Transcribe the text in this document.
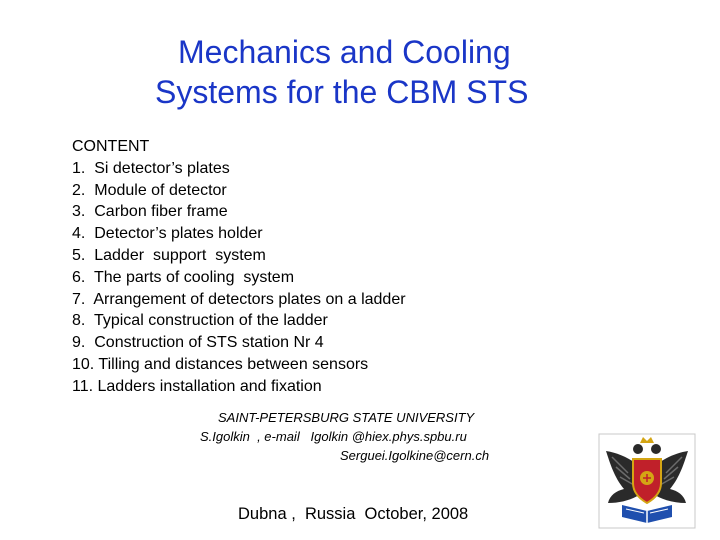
Mechanics and Cooling
Systems for the CBM STS
CONTENT
1.  Si detector’s plates
2.  Module of detector
3.  Carbon fiber frame
4.  Detector’s plates holder
5.  Ladder  support  system
6.  The parts of cooling  system
7.  Arrangement of detectors plates on a ladder
8.  Typical construction of the ladder
9.  Construction of STS station Nr 4
10. Tilling and distances between sensors
11. Ladders installation and fixation
SAINT-PETERSBURG STATE UNIVERSITY
S.Igolkin  , e-mail   Igolkin @hiex.phys.spbu.ru
Serguei.Igolkine@cern.ch
Dubna ,  Russia  October, 2008
